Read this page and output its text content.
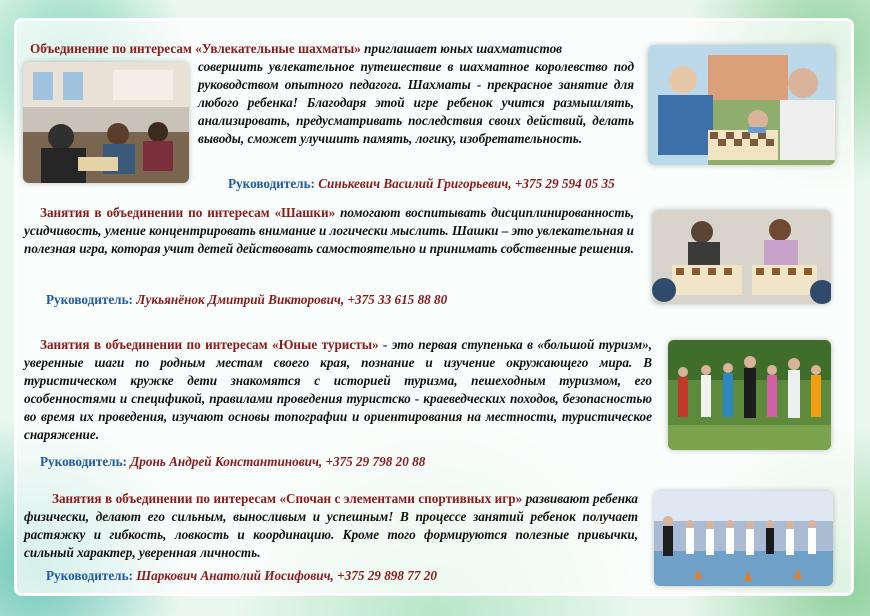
Объединение по интересам «Увлекательные шахматы» приглашает юных шахматистов
совершить увлекательное путешествие в шахматное королевство под руководством опытного педагога. Шахматы - прекрасное занятие для любого ребенка! Благодаря этой игре ребенок учится размышлять, анализировать, предусматривать последствия своих действий, делать выводы, сможет улучшить память, логику, изобретательность.
Руководитель: Синькевич Василий Григорьевич, +375 29 594 05 35
Занятия в объединении по интересам «Шашки» помогают воспитывать дисциплинированность, усидчивость, умение концентрировать внимание и логически мыслить. Шашки – это увлекательная и полезная игра, которая учит детей действовать самостоятельно и принимать собственные решения.
Руководитель: Лукьянёнок Дмитрий Викторович, +375 33 615 88 80
Занятия в объединении по интересам «Юные туристы» - это первая ступенька в «большой туризм», уверенные шаги по родным местам своего края, познание и изучение окружающего мира. В туристическом кружке дети знакомятся с историей туризма, пешеходным туризмом, его особенностями и спецификой, правилами проведения туристско - краеведческих походов, безопасностью во время их проведения, изучают основы топографии и ориентирования на местности, туристическое снаряжение.
Руководитель: Дронь Андрей Константинович, +375 29 798 20 88
Занятия в объединении по интересам «Спочан с элементами спортивных игр» развивают ребенка физически, делают его сильным, выносливым и успешным! В процессе занятий ребенок получает растяжку и гибкость, ловкость и координацию. Кроме того формируются полезные привычки, сильный характер, уверенная личность.
Руководитель: Шаркович Анатолий Иосифович, +375 29 898 77 20
